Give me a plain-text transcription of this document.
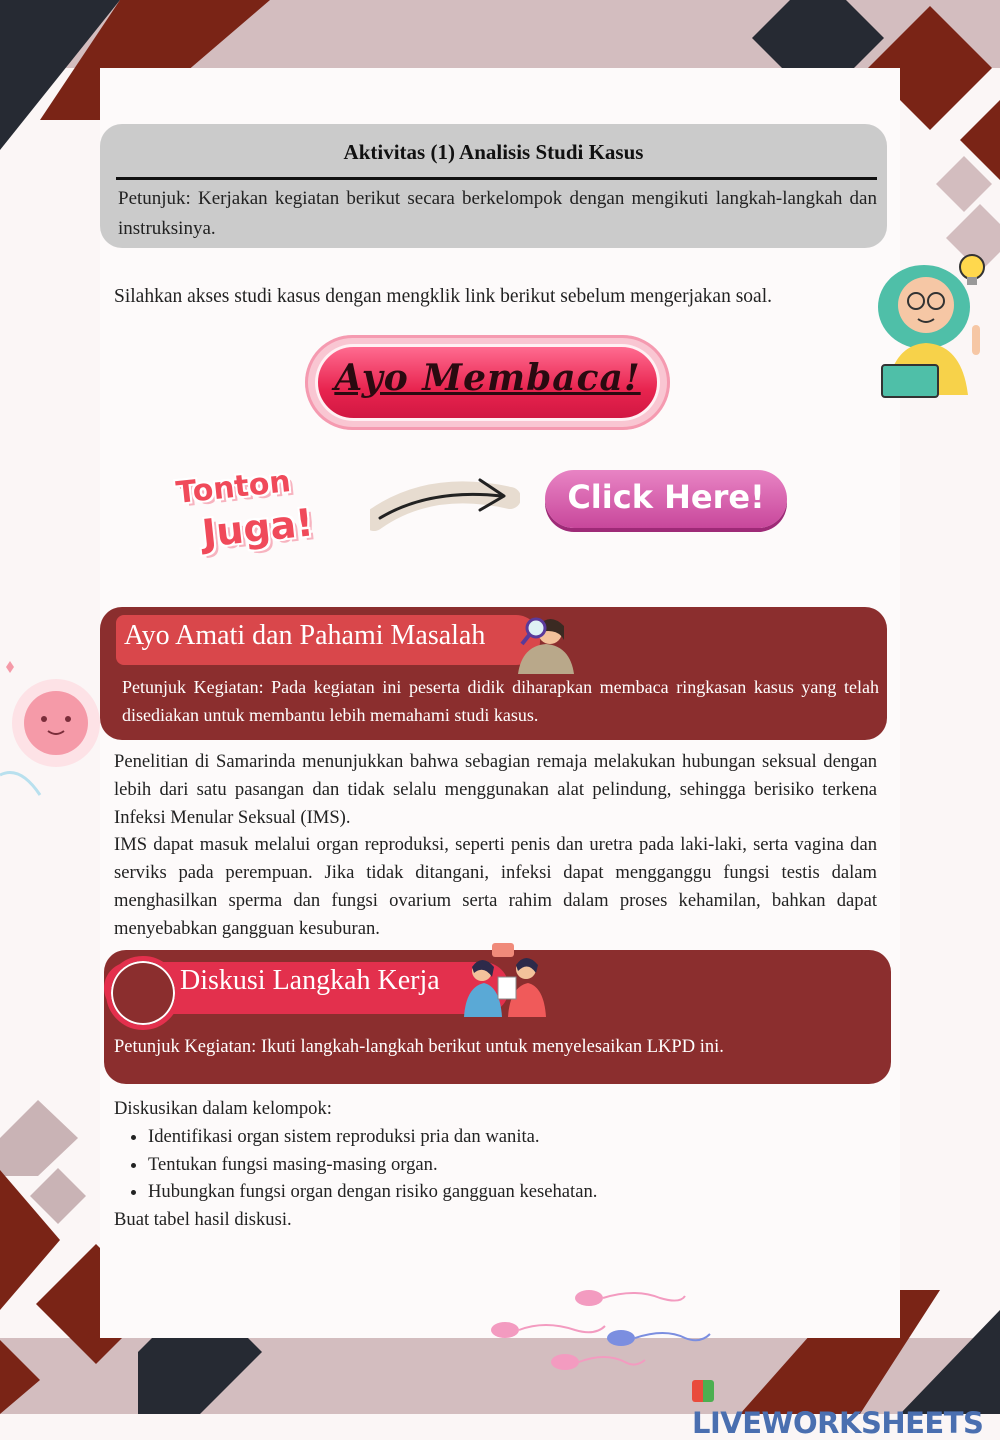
Aktivitas (1) Analisis Studi Kasus

Petunjuk: Kerjakan kegiatan berikut secara berkelompok dengan mengikuti langkah-langkah dan instruksinya.

Silahkan akses studi kasus dengan mengklik link berikut sebelum mengerjakan soal.
Ayo Membaca!
Tonton
Juga!
Click Here!
Ayo Amati dan Pahami Masalah

Petunjuk Kegiatan: Pada kegiatan ini peserta didik diharapkan membaca ringkasan kasus yang telah disediakan untuk membantu lebih memahami studi kasus.

Penelitian di Samarinda menunjukkan bahwa sebagian remaja melakukan hubungan seksual dengan lebih dari satu pasangan dan tidak selalu menggunakan alat pelindung, sehingga berisiko terkena Infeksi Menular Seksual (IMS).

IMS dapat masuk melalui organ reproduksi, seperti penis dan uretra pada laki-laki, serta vagina dan serviks pada perempuan. Jika tidak ditangani, infeksi dapat mengganggu fungsi testis dalam menghasilkan sperma dan fungsi ovarium serta rahim dalam proses kehamilan, bahkan dapat menyebabkan gangguan kesuburan.

Diskusi Langkah Kerja

Petunjuk Kegiatan: Ikuti langkah-langkah berikut untuk menyelesaikan LKPD ini.

Diskusikan dalam kelompok:

• Identifikasi organ sistem reproduksi pria dan wanita.
• Tentukan fungsi masing-masing organ.
• Hubungkan fungsi organ dengan risiko gangguan kesehatan.

Buat tabel hasil diskusi.

LIVEWORKSHEETS
